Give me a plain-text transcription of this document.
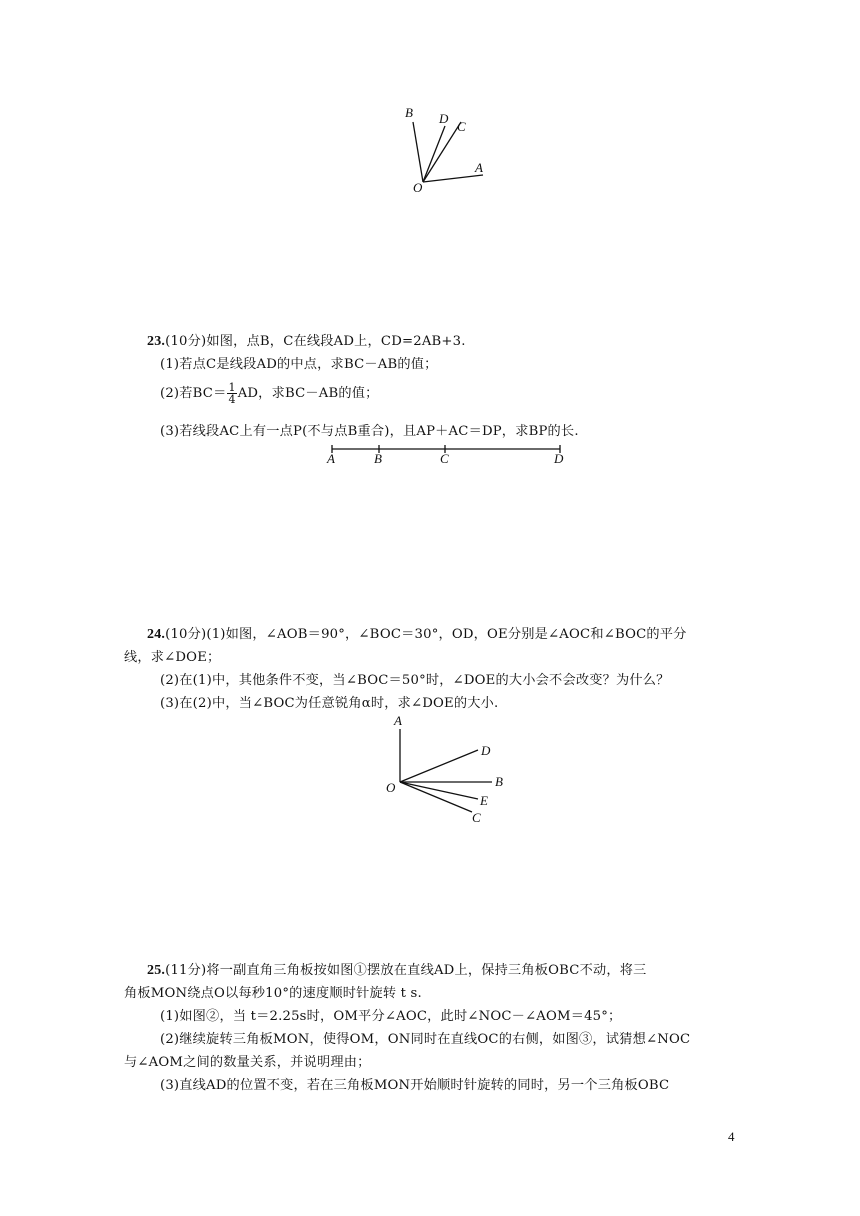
B D
C
A
O
23.(10分)如图，点B，C在线段AD上，CD=2AB+3.
(1)若点C是线段AD的中点，求BC－AB的值；
(2)若$BC= \frac{1}{4}$ AD，求BC－AB的值；
(3)若线段AC上有一点P(不与点B重合)，且AP＋AC＝DP，求BP的长.
A	B	C	D
24.(10分)(1)如图，∠AOB＝90°，∠BOC＝30°，OD，OE分别是∠AOC和∠BOC的平分
线，求∠DOE；
(2)在(1)中，其他条件不变，当∠BOC＝50°时，∠DOE的大小会不会改变？为什么？
(3)在(2)中，当∠BOC为任意锐角α时，求∠DOE的大小.
A
D
B
O
E
C
25.(11分)将一副直角三角板按如图①摆放在直线AD上，保持三角板OBC不动，将三
角板MON绕点O以每秒10°的速度顺时针旋转 t s.
(1)如图②，当 t＝2.25s时，OM平分∠AOC，此时∠NOC－∠AOM＝45°；
(2)继续旋转三角板MON，使得OM，ON同时在直线OC的右侧，如图③，试猜想∠NOC
与∠AOM之间的数量关系，并说明理由；
(3)直线AD的位置不变，若在三角板MON开始顺时针旋转的同时，另一个三角板OBC
4
